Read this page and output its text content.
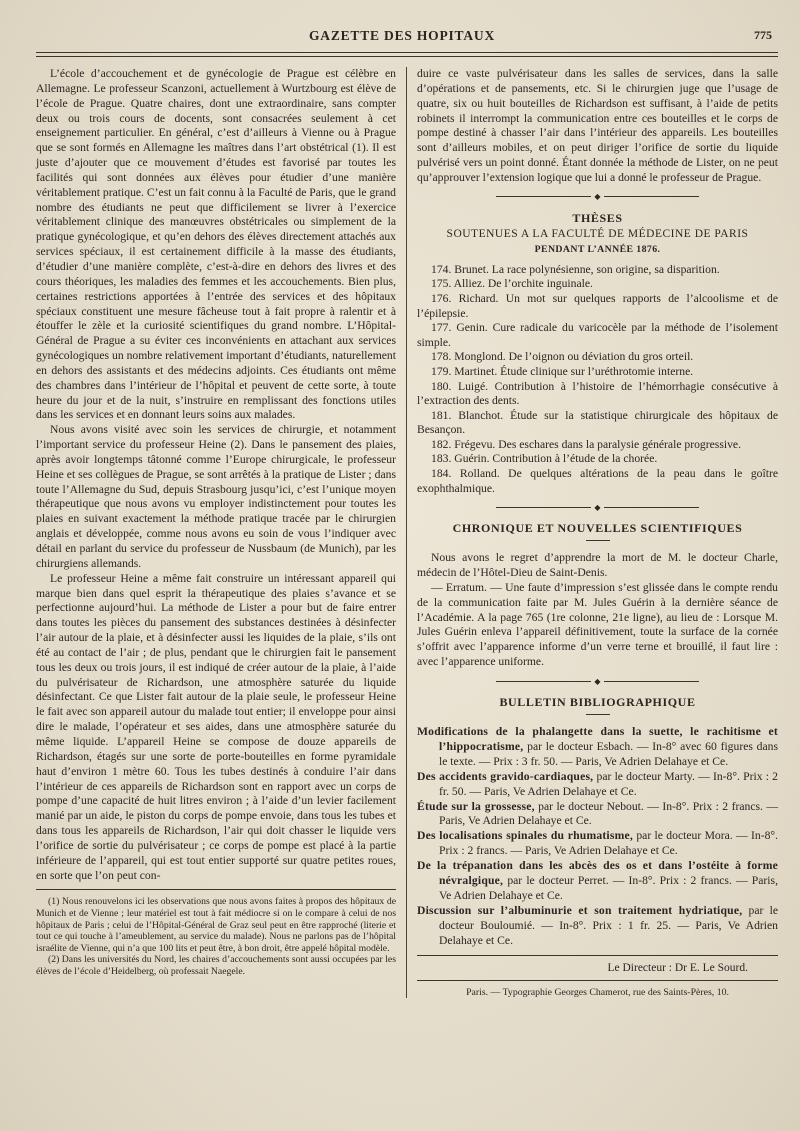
GAZETTE DES HOPITAUX	775

L’école d’accouchement et de gynécologie de Prague est célèbre en Allemagne. Le professeur Scanzoni, actuellement à Wurtzbourg est élève de l’école de Prague. Quatre chaires, dont une extraordinaire, sans compter deux ou trois cours de docents, sont consacrées seulement à cet enseignement particulier. En général, c’est d’ailleurs à Vienne ou à Prague que se sont formés en Allemagne les maîtres dans l’art obstétrical (1). Il est juste d’ajouter que ce mouvement d’études est favorisé par toutes les facilités qui sont données aux élèves pour étudier d’une manière véritablement pratique. C’est un fait connu à la Faculté de Paris, que le grand nombre des étudiants ne peut que difficilement se livrer à l’exercice véritablement clinique des manœuvres obstétricales ou simplement de la pratique gynécologique, et qu’en dehors des élèves directement attachés aux services spéciaux, il est certainement difficile à la masse des étudiants, d’étudier d’une manière complète, c’est-à-dire en dehors des livres et des cours théoriques, les maladies des femmes et les accouchements. Bien plus, certaines restrictions apportées à l’entrée des services et des hôpitaux spéciaux constituent une mesure fâcheuse tout à fait propre à ralentir et à étouffer le zèle et la curiosité scientifiques du grand nombre. L’Hôpital-Général de Prague a su éviter ces inconvénients en attachant aux services gynécologiques un nombre relativement important d’étudiants, naturellement en dehors des assistants et des médecins adjoints. Ces étudiants ont même des chambres dans l’intérieur de l’hôpital et peuvent de cette sorte, à toute heure du jour et de la nuit, s’instruire en remplissant des fonctions utiles dans les services et en donnant leurs soins aux malades.

Nous avons visité avec soin les services de chirurgie, et notamment l’important service du professeur Heine (2). Dans le pansement des plaies, après avoir longtemps tâtonné comme l’Europe chirurgicale, le professeur Heine et ses collègues de Prague, se sont arrêtés à la pratique de Lister ; dans toute l’Allemagne du Sud, depuis Strasbourg jusqu’ici, c’est l’unique moyen thérapeutique que nous avons vu employer indistinctement pour toutes les plaies en suivant exactement la méthode pratique tracée par le chirurgien anglais et développée, comme nous avons eu soin de vous l’indiquer avec détail en parlant du service du professeur de Nussbaum (de Munich), par les chirurgiens allemands.

Le professeur Heine a même fait construire un intéressant appareil qui marque bien dans quel esprit la thérapeutique des plaies s’avance et se perfectionne aujourd’hui. La méthode de Lister a pour but de faire entrer dans toutes les pièces du pansement des substances destinées à désinfecter l’air autour de la plaie, et à désinfecter aussi les liquides de la plaie, s’ils ont été au contact de l’air ; de plus, pendant que le chirurgien fait le pansement tous les deux ou trois jours, il est indiqué de créer autour de la plaie, à l’aide du pulvérisateur de Richardson, une atmosphère saturée du liquide désinfectant. Ce que Lister fait autour de la plaie seule, le professeur Heine le fait avec son appareil autour du malade tout entier; il enveloppe pour ainsi dire le malade, l’opérateur et ses aides, dans une atmosphère saturée du même liquide. L’appareil Heine se compose de douze appareils de Richardson, étagés sur une sorte de porte-bouteilles en forme pyramidale haut d’environ 1 mètre 60. Tous les tubes destinés à conduire l’air dans l’intérieur de ces appareils de Richardson sont en rapport avec un corps de pompe d’une capacité de huit litres environ ; à l’aide d’un levier facilement manié par un aide, le piston du corps de pompe envoie, dans tous les tubes et dans tous les appareils de Richardson, l’air qui doit chasser le liquide vers l’orifice de sortie du pulvérisateur ; ce corps de pompe est placé à la partie inférieure de l’appareil, qui est tout entier supporté sur quatre petites roues, en sorte que l’on peut con-

(1) Nous renouvelons ici les observations que nous avons faites à propos des hôpitaux de Munich et de Vienne ; leur matériel est tout à fait médiocre si on le compare à celui de nos hôpitaux de Paris ; celui de l’Hôpital-Général de Graz seul peut en être rapproché (literie et tout ce qui touche à l’ameublement, au service du malade). Nous ne parlons pas de l’hôpital israélite de Vienne, qui n’a que 100 lits et peut être, à bon droit, être appelé hôpital modèle.

(2) Dans les universités du Nord, les chaires d’accouchements sont aussi occupées par les élèves de l’école d’Heidelberg, où professait Naegele.

duire ce vaste pulvérisateur dans les salles de services, dans la salle d’opérations et de pansements, etc. Si le chirurgien juge que l’usage de quatre, six ou huit bouteilles de Richardson est suffisant, à l’aide de petits robinets il interrompt la communication entre ces bouteilles et le corps de pompe destiné à chasser l’air dans l’intérieur des appareils. Les bouteilles sont d’ailleurs mobiles, et on peut diriger l’orifice de sortie du liquide pulvérisé vers un point donné. Étant donnée la méthode de Lister, on ne peut qu’approuver l’extension logique que lui a donné le professeur de Prague.

◆
THÈSES
SOUTENUES A LA FACULTÉ DE MÉDECINE DE PARIS
PENDANT L’ANNÉE 1876.

174. Brunet. La race polynésienne, son origine, sa disparition.

175. Alliez. De l’orchite inguinale.

176. Richard. Un mot sur quelques rapports de l’alcoolisme et de l’épilepsie.

177. Genin. Cure radicale du varicocèle par la méthode de l’isolement simple.

178. Monglond. De l’oignon ou déviation du gros orteil.

179. Martinet. Étude clinique sur l’uréthrotomie interne.

180. Luigé. Contribution à l’histoire de l’hémorrhagie consécutive à l’extraction des dents.

181. Blanchot. Étude sur la statistique chirurgicale des hôpitaux de Besançon.

182. Frégevu. Des eschares dans la paralysie générale progressive.

183. Guérin. Contribution à l’étude de la chorée.

184. Rolland. De quelques altérations de la peau dans le goître exophthalmique.

◆
CHRONIQUE ET NOUVELLES SCIENTIFIQUES

Nous avons le regret d’apprendre la mort de M. le docteur Charle, médecin de l’Hôtel-Dieu de Saint-Denis.

— Erratum. — Une faute d’impression s’est glissée dans le compte rendu de la communication faite par M. Jules Guérin à la dernière séance de l’Académie. A la page 765 (1re colonne, 21e ligne), au lieu de : Lorsque M. Jules Guérin enleva l’appareil définitivement, toute la surface de la cornée s’offrit avec l’apparence informe d’un verre terne et brouillé, il faut lire : avec l’apparence uniforme.

◆
BULLETIN BIBLIOGRAPHIQUE

Modifications de la phalangette dans la suette, le rachitisme et l’hippocratisme, par le docteur Esbach. — In-8° avec 60 figures dans le texte. — Prix : 3 fr. 50. — Paris, Ve Adrien Delahaye et Ce.

Des accidents gravido-cardiaques, par le docteur Marty. — In-8°. Prix : 2 fr. 50. — Paris, Ve Adrien Delahaye et Ce.

Étude sur la grossesse, par le docteur Nebout. — In-8°. Prix : 2 francs. — Paris, Ve Adrien Delahaye et Ce.

Des localisations spinales du rhumatisme, par le docteur Mora. — In-8°. Prix : 2 francs. — Paris, Ve Adrien Delahaye et Ce.

De la trépanation dans les abcès des os et dans l’ostéite à forme névralgique, par le docteur Perret. — In-8°. Prix : 2 francs. — Paris, Ve Adrien Delahaye et Ce.

Discussion sur l’albuminurie et son traitement hydriatique, par le docteur Bouloumié. — In-8°. Prix : 1 fr. 25. — Paris, Ve Adrien Delahaye et Ce.

Le Directeur : Dr E. Le Sourd.
Paris. — Typographie Georges Chamerot, rue des Saints-Pères, 10.
